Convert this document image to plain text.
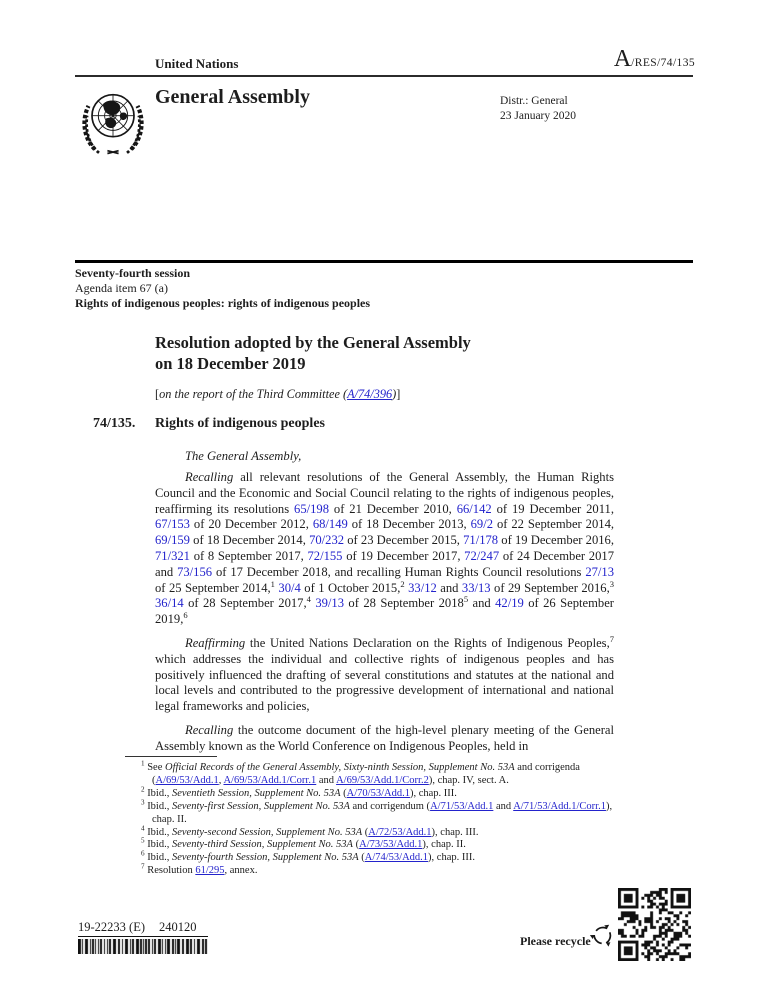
United Nations	A/RES/74/135
General Assembly	Distr.: General
23 January 2020
Seventy-fourth session
Agenda item 67 (a)
Rights of indigenous peoples: rights of indigenous peoples
Resolution adopted by the General Assembly
on 18 December 2019
[on the report of the Third Committee (A/74/396)]
74/135. Rights of indigenous peoples
The General Assembly,
Recalling all relevant resolutions of the General Assembly, the Human Rights Council and the Economic and Social Council relating to the rights of indigenous peoples, reaffirming its resolutions 65/198 of 21 December 2010, 66/142 of 19 December 2011, 67/153 of 20 December 2012, 68/149 of 18 December 2013, 69/2 of 22 September 2014, 69/159 of 18 December 2014, 70/232 of 23 December 2015, 71/178 of 19 December 2016, 71/321 of 8 September 2017, 72/155 of 19 December 2017, 72/247 of 24 December 2017 and 73/156 of 17 December 2018, and recalling Human Rights Council resolutions 27/13 of 25 September 2014,$^1$ 30/4 of 1 October 2015,$^2$ 33/12 and 33/13 of 29 September 2016,$^3$ 36/14 of 28 September 2017,$^4$ 39/13 of 28 September 2018$^5$ and 42/19 of 26 September 2019,$^6$
Reaffirming the United Nations Declaration on the Rights of Indigenous Peoples,$^7$ which addresses the individual and collective rights of indigenous peoples and has positively influenced the drafting of several constitutions and statutes at the national and local levels and contributed to the progressive development of international and national legal frameworks and policies,
Recalling the outcome document of the high-level plenary meeting of the General Assembly known as the World Conference on Indigenous Peoples, held in
$^1$ See Official Records of the General Assembly, Sixty-ninth Session, Supplement No. 53A and corrigenda (A/69/53/Add.1, A/69/53/Add.1/Corr.1 and A/69/53/Add.1/Corr.2), chap. IV, sect. A.
$^2$ Ibid., Seventieth Session, Supplement No. 53A (A/70/53/Add.1), chap. III.
$^3$ Ibid., Seventy-first Session, Supplement No. 53A and corrigendum (A/71/53/Add.1 and A/71/53/Add.1/Corr.1), chap. II.
$^4$ Ibid., Seventy-second Session, Supplement No. 53A (A/72/53/Add.1), chap. III.
$^5$ Ibid., Seventy-third Session, Supplement No. 53A (A/73/53/Add.1), chap. II.
$^6$ Ibid., Seventy-fourth Session, Supplement No. 53A (A/74/53/Add.1), chap. III.
$^7$ Resolution 61/295, annex.
19-22233 (E) 240120
Please recycle
